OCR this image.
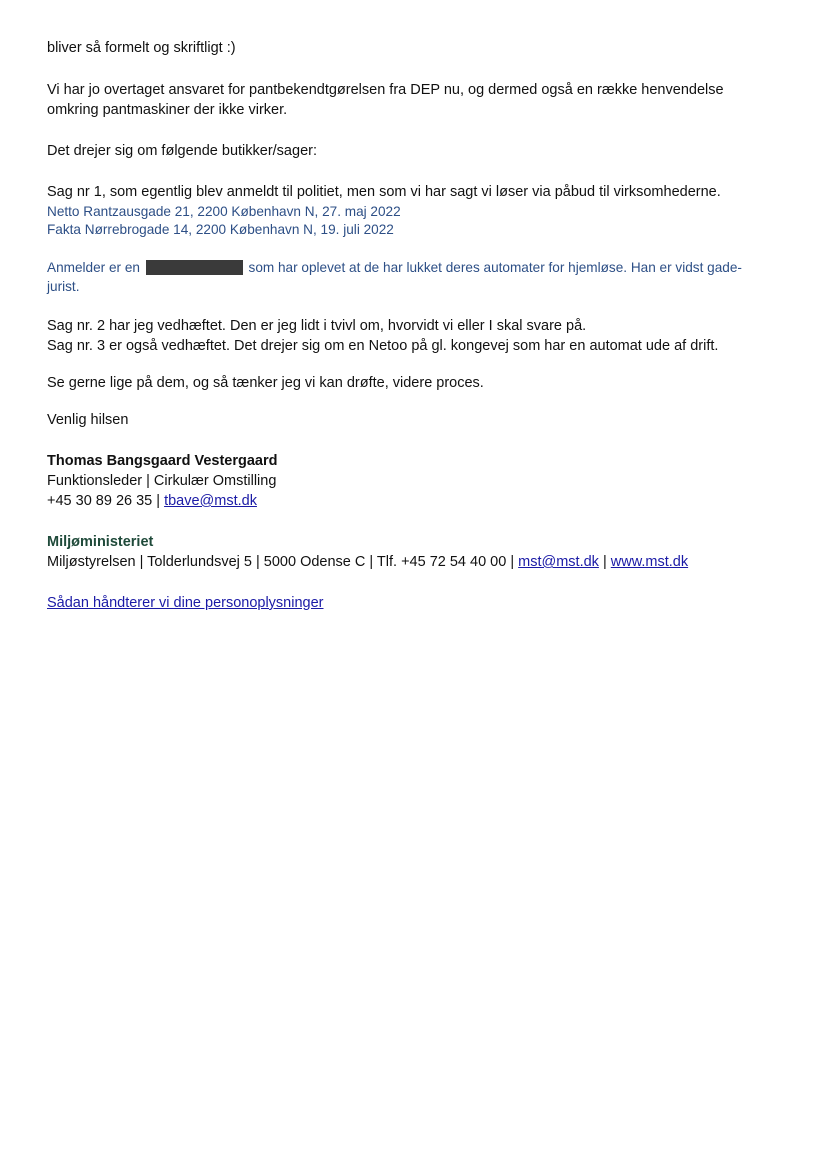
bliver så formelt og skriftligt :)

Vi har jo overtaget ansvaret for pantbekendtgørelsen fra DEP nu, og dermed også en række henvendelse

omkring pantmaskiner der ikke virker.

Det drejer sig om følgende butikker/sager:

Sag nr 1, som egentlig blev anmeldt til politiet, men som vi har sagt vi løser via påbud til virksomhederne.

Netto Rantzausgade 21, 2200 København N, 27. maj 2022

Fakta Nørrebrogade 14, 2200 København N, 19. juli 2022

Anmelder er en	som har oplevet at de har lukket deres automater for hjemløse. Han er vidst gade-

jurist.

Sag nr. 2 har jeg vedhæftet. Den er jeg lidt i tvivl om, hvorvidt vi eller I skal svare på.

Sag nr. 3 er også vedhæftet. Det drejer sig om en Netoo på gl. kongevej som har en automat ude af drift.

Se gerne lige på dem, og så tænker jeg vi kan drøfte, videre proces.

Venlig hilsen

Thomas Bangsgaard Vestergaard

Funktionsleder | Cirkulær Omstilling

+45 30 89 26 35 | tbave@mst.dk

Miljøministeriet

Miljøstyrelsen | Tolderlundsvej 5 | 5000 Odense C | Tlf. +45 72 54 40 00 | mst@mst.dk | www.mst.dk

Sådan håndterer vi dine personoplysninger
